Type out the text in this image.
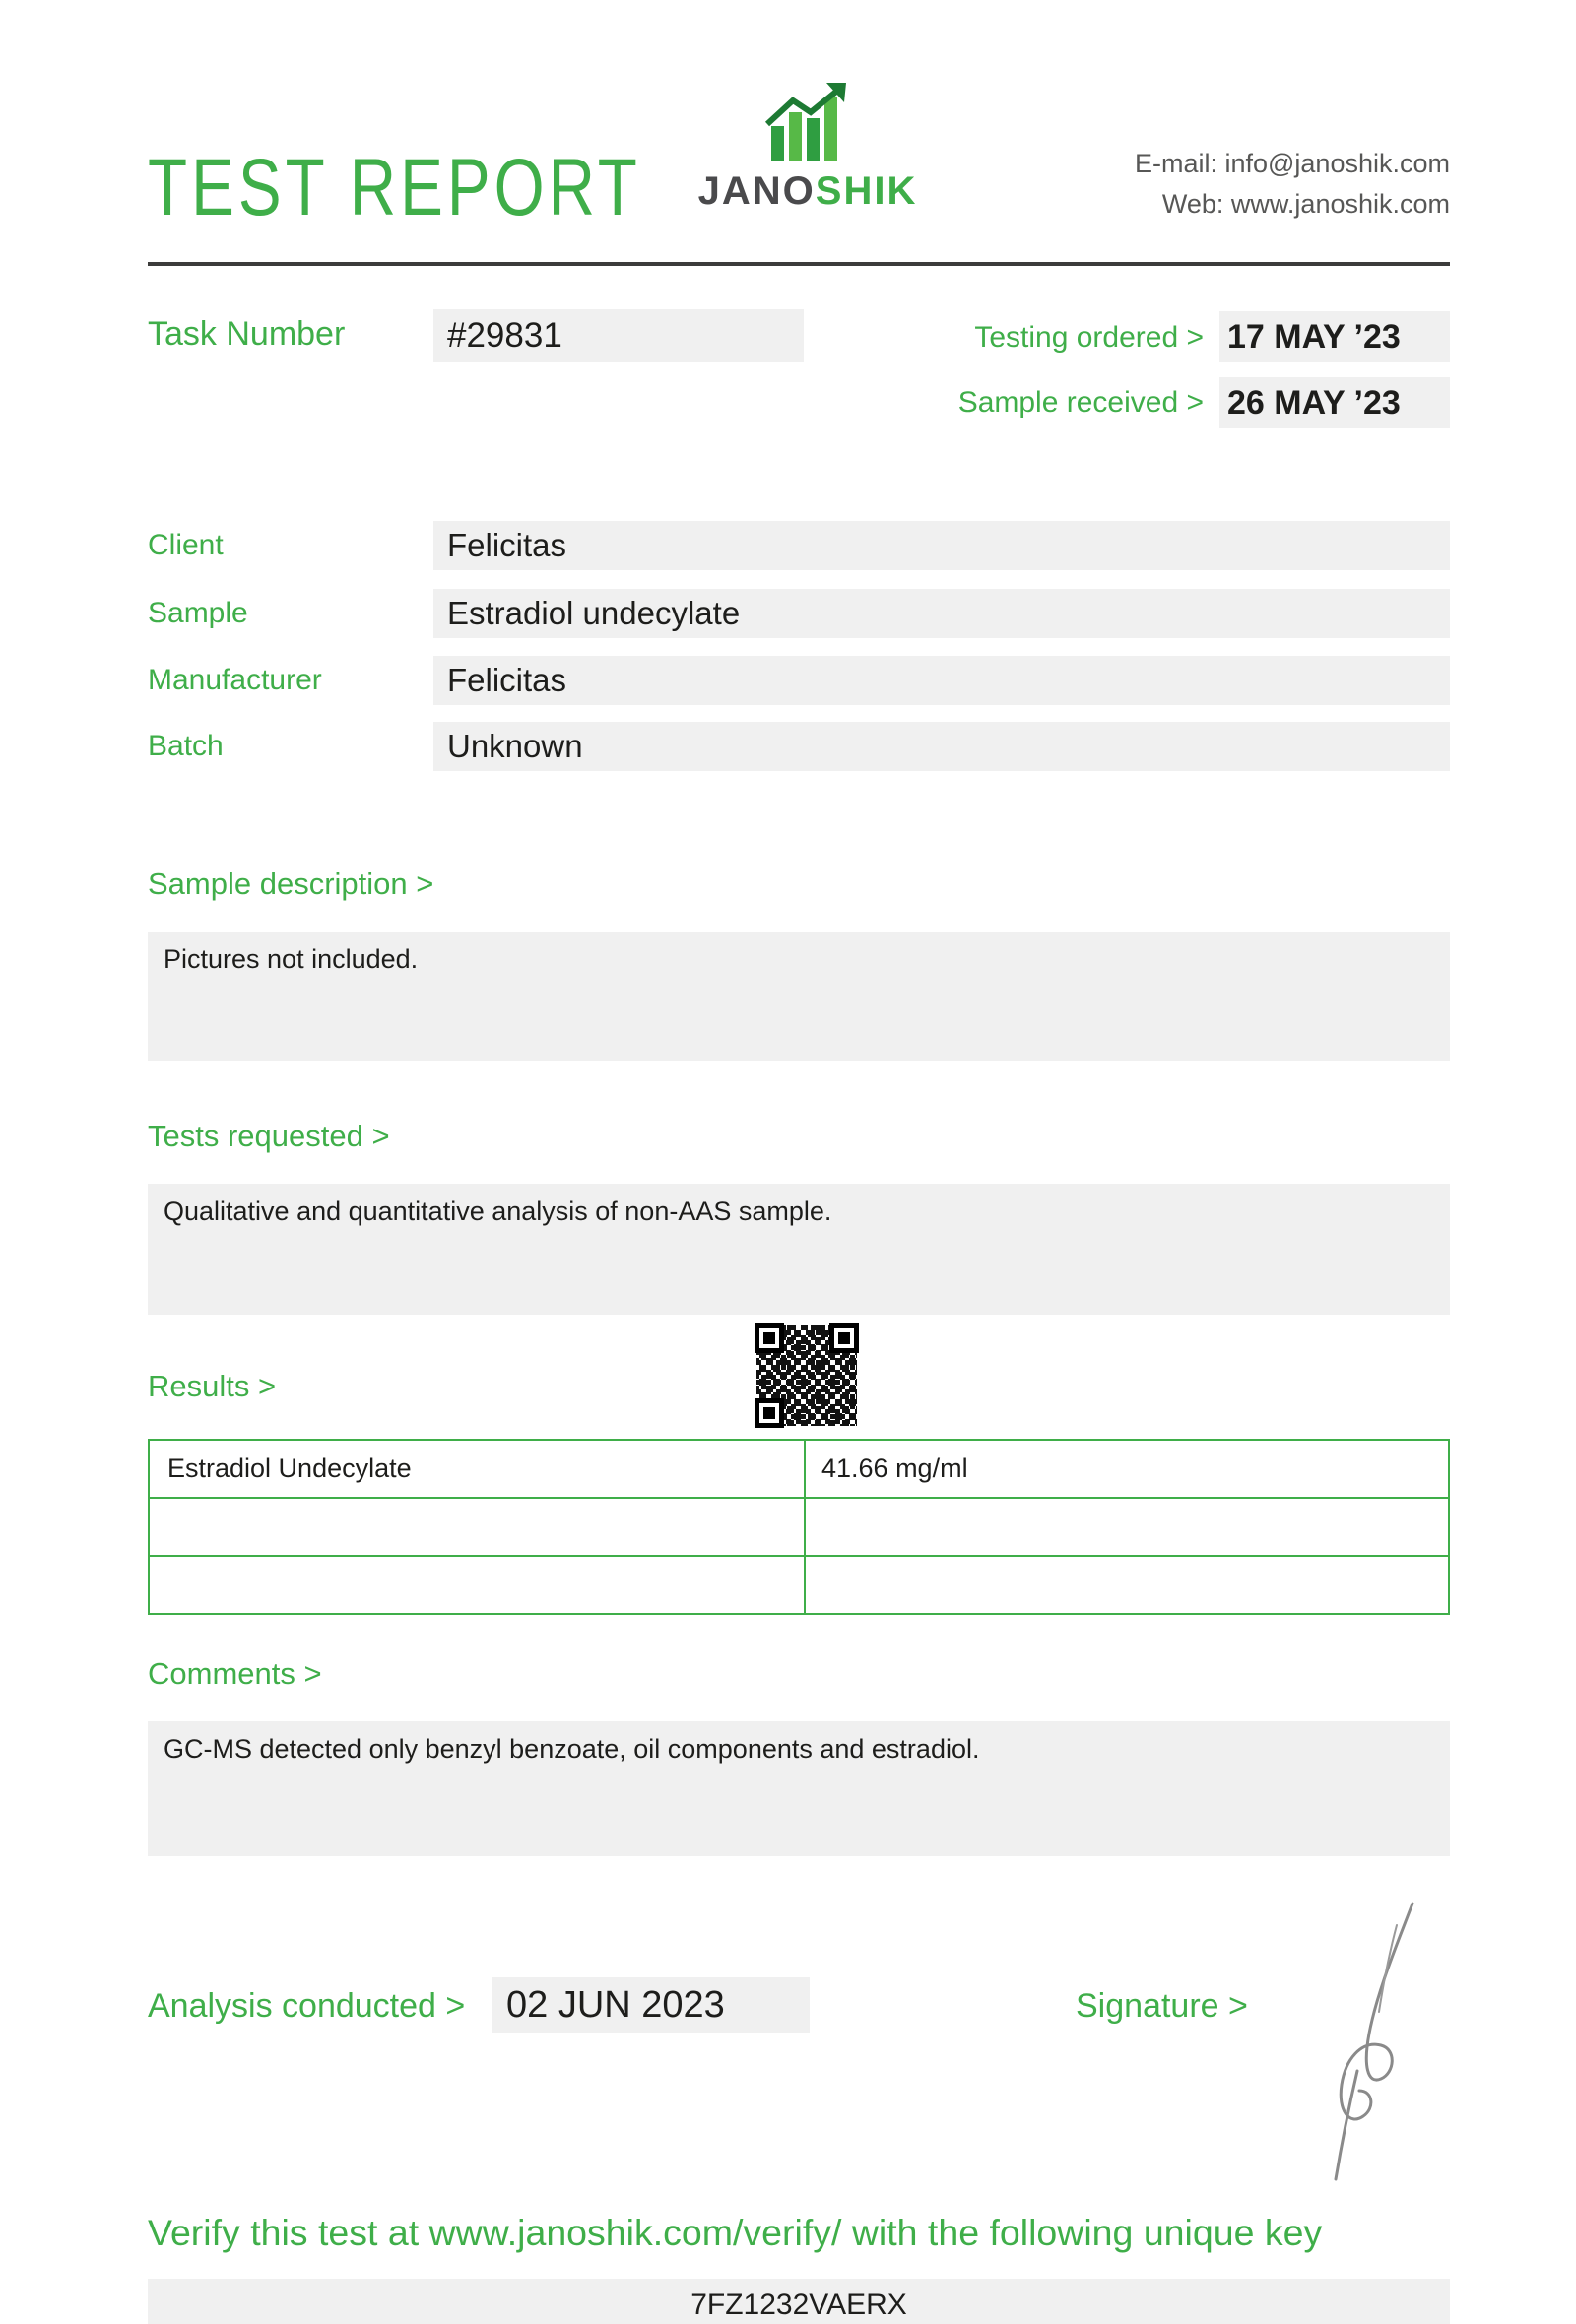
TEST REPORT	JANOSHIK
E-mail: info@janoshik.com
Web: www.janoshik.com
Task Number	#29831	Testing ordered > 17 MAY ’23
Sample received > 26 MAY ’23
Client	Felicitas
Sample	Estradiol undecylate
Manufacturer	Felicitas
Batch	Unknown
Sample description >
Pictures not included.
Tests requested >
Qualitative and quantitative analysis of non-AAS sample.
Results >
Estradiol Undecylate	41.66 mg/ml
Comments >
GC-MS detected only benzyl benzoate, oil components and estradiol.
Analysis conducted >	02 JUN 2023	Signature >
Verify this test at www.janoshik.com/verify/ with the following unique key
7FZ1232VAERX
